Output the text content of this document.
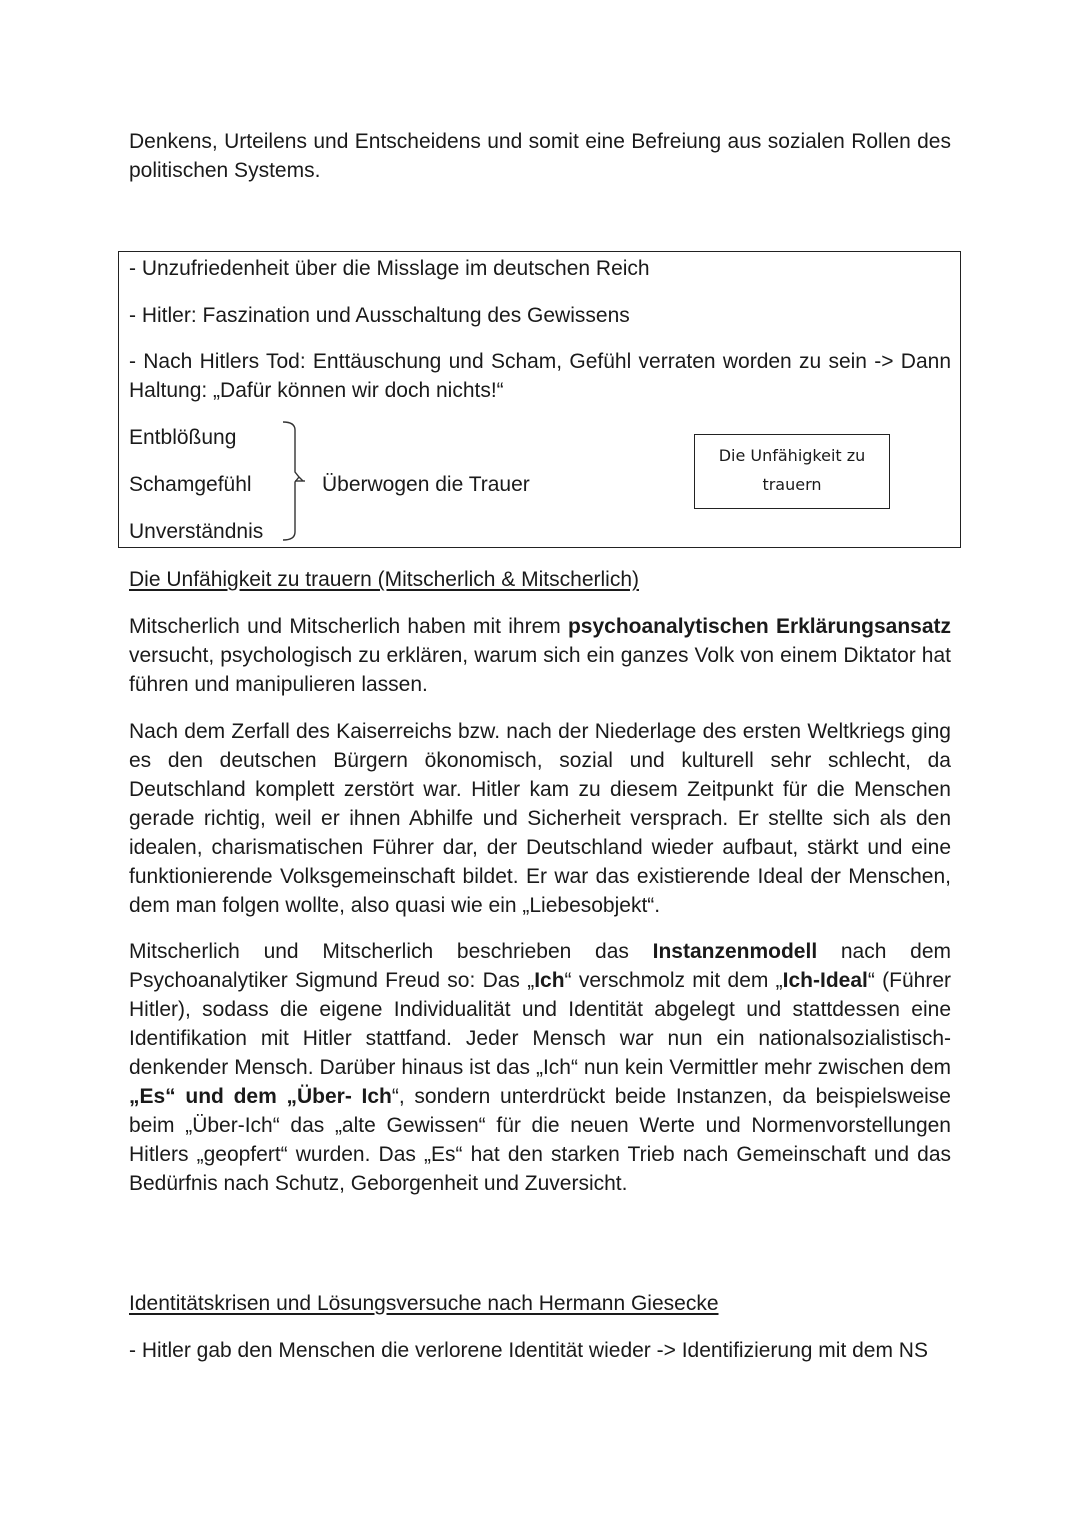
Denkens, Urteilens und Entscheidens und somit eine Befreiung aus sozialen Rollen des politischen Systems.

- Unzufriedenheit über die Misslage im deutschen Reich

- Hitler: Faszination und Ausschaltung des Gewissens

- Nach Hitlers Tod: Enttäuschung und Scham, Gefühl verraten worden zu sein -> Dann Haltung: „Dafür können wir doch nichts!“

Entblößung
Schamgefühl
Unverständnis
Überwogen die Trauer
Die Unfähigkeit zu
trauern

Die Unfähigkeit zu trauern (Mitscherlich & Mitscherlich)

Mitscherlich und Mitscherlich haben mit ihrem psychoanalytischen Erklärungsansatz versucht, psychologisch zu erklären, warum sich ein ganzes Volk von einem Diktator hat führen und manipulieren lassen.

Nach dem Zerfall des Kaiserreichs bzw. nach der Niederlage des ersten Weltkriegs ging es den deutschen Bürgern ökonomisch, sozial und kulturell sehr schlecht, da Deutschland komplett zerstört war. Hitler kam zu diesem Zeitpunkt für die Menschen gerade richtig, weil er ihnen Abhilfe und Sicherheit versprach. Er stellte sich als den idealen, charismatischen Führer dar, der Deutschland wieder aufbaut, stärkt und eine funktionierende Volksgemeinschaft bildet. Er war das existierende Ideal der Menschen, dem man folgen wollte, also quasi wie ein „Liebesobjekt“.

Mitscherlich und Mitscherlich beschrieben das Instanzenmodell nach dem Psychoanalytiker Sigmund Freud so: Das „Ich“ verschmolz mit dem „Ich-Ideal“ (Führer Hitler), sodass die eigene Individualität und Identität abgelegt und stattdessen eine Identifikation mit Hitler stattfand. Jeder Mensch war nun ein nationalsozialistisch-denkender Mensch. Darüber hinaus ist das „Ich“ nun kein Vermittler mehr zwischen dem „Es“ und dem „Über- Ich“, sondern unterdrückt beide Instanzen, da beispielsweise beim „Über-Ich“ das „alte Gewissen“ für die neuen Werte und Normenvorstellungen Hitlers „geopfert“ wurden. Das „Es“ hat den starken Trieb nach Gemeinschaft und das Bedürfnis nach Schutz, Geborgenheit und Zuversicht.

Identitätskrisen und Lösungsversuche nach Hermann Giesecke

- Hitler gab den Menschen die verlorene Identität wieder -> Identifizierung mit dem NS
